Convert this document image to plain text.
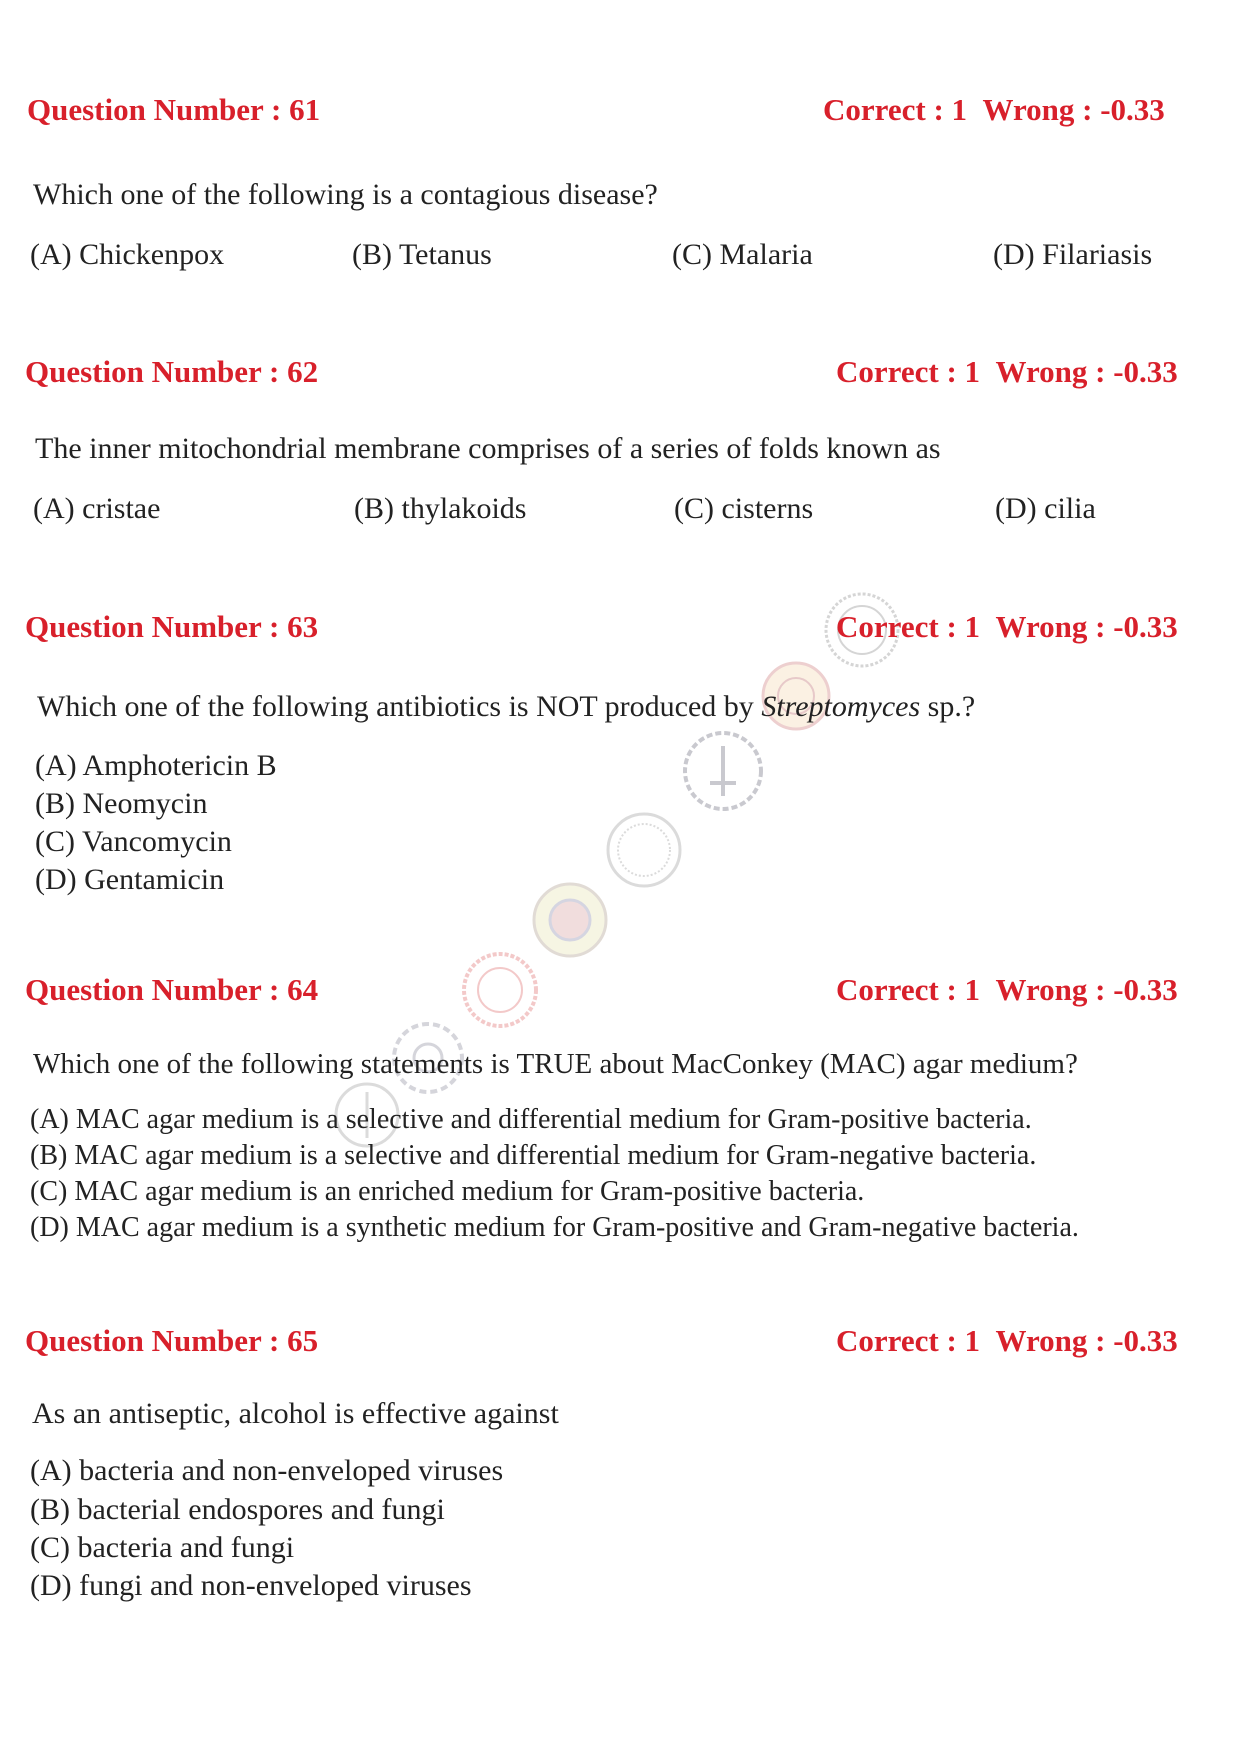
Question Number : 61	Correct : 1 Wrong : -0.33
Which one of the following is a contagious disease?
(A) Chickenpox	(B) Tetanus	(C) Malaria	(D) Filariasis
Question Number : 62	Correct : 1 Wrong : -0.33
The inner mitochondrial membrane comprises of a series of folds known as
(A) cristae	(B) thylakoids	(C) cisterns	(D) cilia
Question Number : 63	Correct : 1 Wrong : -0.33
Which one of the following antibiotics is NOT produced by Streptomyces sp.?
(A) Amphotericin B
(B) Neomycin
(C) Vancomycin
(D) Gentamicin
Question Number : 64	Correct : 1 Wrong : -0.33
Which one of the following statements is TRUE about MacConkey (MAC) agar medium?
(A) MAC agar medium is a selective and differential medium for Gram-positive bacteria.
(B) MAC agar medium is a selective and differential medium for Gram-negative bacteria.
(C) MAC agar medium is an enriched medium for Gram-positive bacteria.
(D) MAC agar medium is a synthetic medium for Gram-positive and Gram-negative bacteria.
Question Number : 65	Correct : 1 Wrong : -0.33
As an antiseptic, alcohol is effective against
(A) bacteria and non-enveloped viruses
(B) bacterial endospores and fungi
(C) bacteria and fungi
(D) fungi and non-enveloped viruses
